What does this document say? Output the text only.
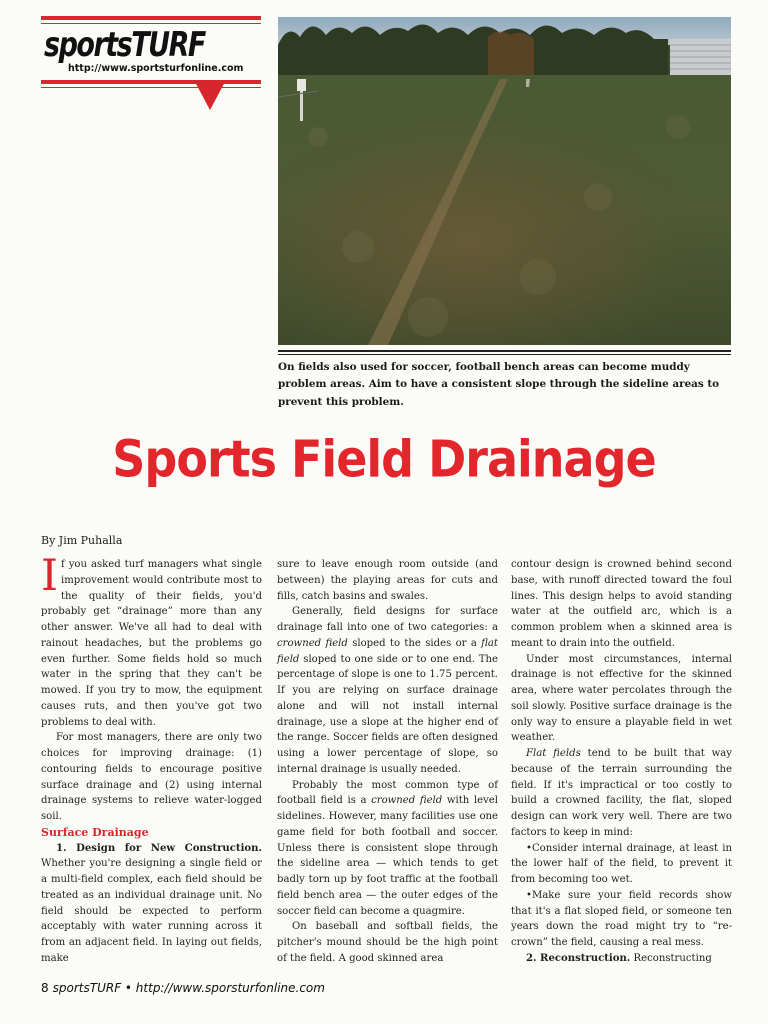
sportsTURF
http://www.sportsturfonline.com
On fields also used for soccer, football bench areas can become muddy problem areas. Aim to have a consistent slope through the sideline areas to prevent this problem.
Sports Field Drainage
By Jim Puhalla

If you asked turf managers what single improvement would contribute most to the quality of their fields, you'd probably get “drainage” more than any other answer. We've all had to deal with rainout headaches, but the problems go even further. Some fields hold so much water in the spring that they can't be mowed. If you try to mow, the equipment causes ruts, and then you've got two problems to deal with.

For most managers, there are only two choices for improving drainage: (1) contouring fields to encourage positive surface drainage and (2) using internal drainage systems to relieve water-logged soil.

Surface Drainage

1. Design for New Construction. Whether you're designing a single field or a multi-field complex, each field should be treated as an individual drainage unit. No field should be expected to perform acceptably with water running across it from an adjacent field. In laying out fields, make

sure to leave enough room outside (and between) the playing areas for cuts and fills, catch basins and swales.

Generally, field designs for surface drainage fall into one of two categories: a crowned field sloped to the sides or a flat field sloped to one side or to one end. The percentage of slope is one to 1.75 percent. If you are relying on surface drainage alone and will not install internal drainage, use a slope at the higher end of the range. Soccer fields are often designed using a lower percentage of slope, so internal drainage is usually needed.

Probably the most common type of football field is a crowned field with level sidelines. However, many facilities use one game field for both football and soccer. Unless there is consistent slope through the sideline area — which tends to get badly torn up by foot traffic at the football field bench area — the outer edges of the soccer field can become a quagmire.

On baseball and softball fields, the pitcher's mound should be the high point of the field. A good skinned area

contour design is crowned behind second base, with runoff directed toward the foul lines. This design helps to avoid standing water at the outfield arc, which is a common problem when a skinned area is meant to drain into the outfield.

Under most circumstances, internal drainage is not effective for the skinned area, where water percolates through the soil slowly. Positive surface drainage is the only way to ensure a playable field in wet weather.

Flat fields tend to be built that way because of the terrain surrounding the field. If it's impractical or too costly to build a crowned facility, the flat, sloped design can work very well. There are two factors to keep in mind:

•Consider internal drainage, at least in the lower half of the field, to prevent it from becoming too wet.

•Make sure your field records show that it's a flat sloped field, or someone ten years down the road might try to “re-crown” the field, causing a real mess.

2. Reconstruction. Reconstructing

8 sportsTURF • http://www.sporsturfonline.com
